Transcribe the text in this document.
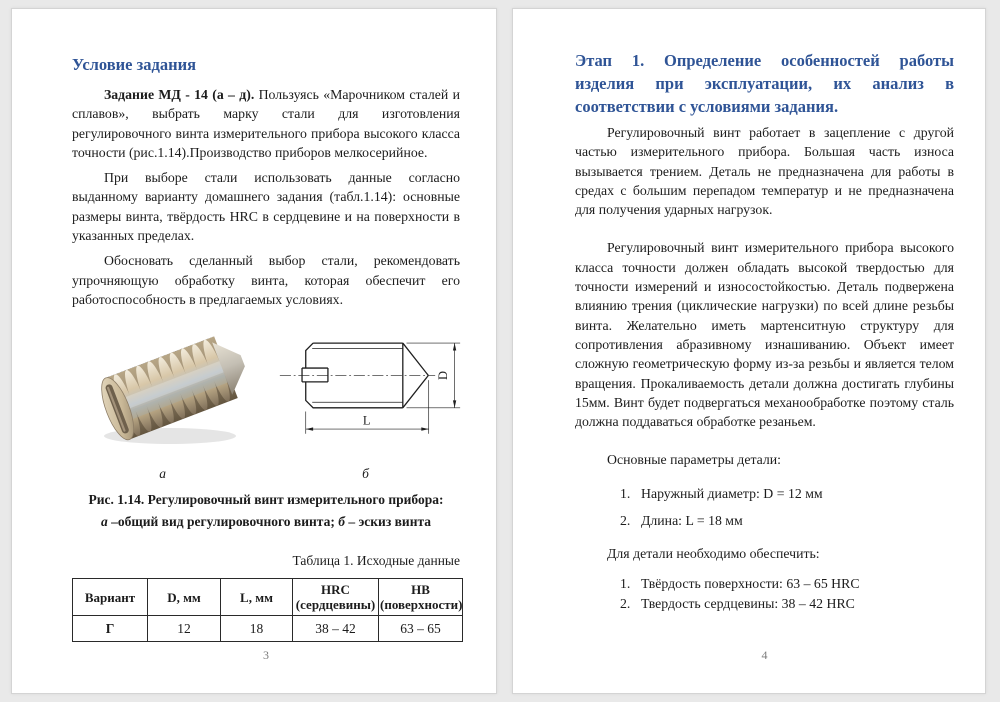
Условие задания

Задание МД - 14 (а – д). Пользуясь «Марочником сталей и сплавов», выбрать марку стали для изготовления регулировочного винта измерительного прибора высокого класса точности (рис.1.14).Производство приборов мелкосерийное.

При выборе стали использовать данные согласно выданному варианту домашнего задания (табл.1.14): основные размеры винта, твёрдость HRC в сердцевине и на поверхности в указанных пределах.

Обосновать сделанный выбор стали, рекомендовать упрочняющую обработку винта, которая обеспечит его работоспособность в предлагаемых условиях.

D
L
а	б
Рис. 1.14. Регулировочный винт измерительного прибора:
а –общий вид регулировочного винта; б – эскиз винта
Таблица 1. Исходные данные
Вариант	D, мм	L, мм	HRC (сердцевины)	НВ (поверхности)
Г	12	18	38 – 42	63 – 65
3
Этап 1. Определение особенностей работы изделия при эксплуатации, их анализ в соответствии с условиями задания.

Регулировочный винт работает в зацепление с другой частью измерительного прибора. Большая часть износа вызывается трением. Деталь не предназначена для работы в средах с большим перепадом температур и не предназначена для получения ударных нагрузок.

Регулировочный винт измерительного прибора высокого класса точности должен обладать высокой твердостью для точности измерений и износостойкостью. Деталь подвержена влиянию трения (циклические нагрузки) по всей длине резьбы винта. Желательно иметь мартенситную структуру для сопротивления абразивному изнашиванию. Объект имеет сложную геометрическую форму из-за резьбы и является телом вращения. Прокаливаемость детали должна достигать глубины 15мм. Винт будет подвергаться механообработке поэтому сталь должна поддаваться обработке резаньем.

Основные параметры детали:
1. Наружный диаметр: D = 12 мм
2. Длина: L = 18 мм
Для детали необходимо обеспечить:
1. Твёрдость поверхности: 63 – 65 HRC
2. Твердость сердцевины: 38 – 42 HRC
4
